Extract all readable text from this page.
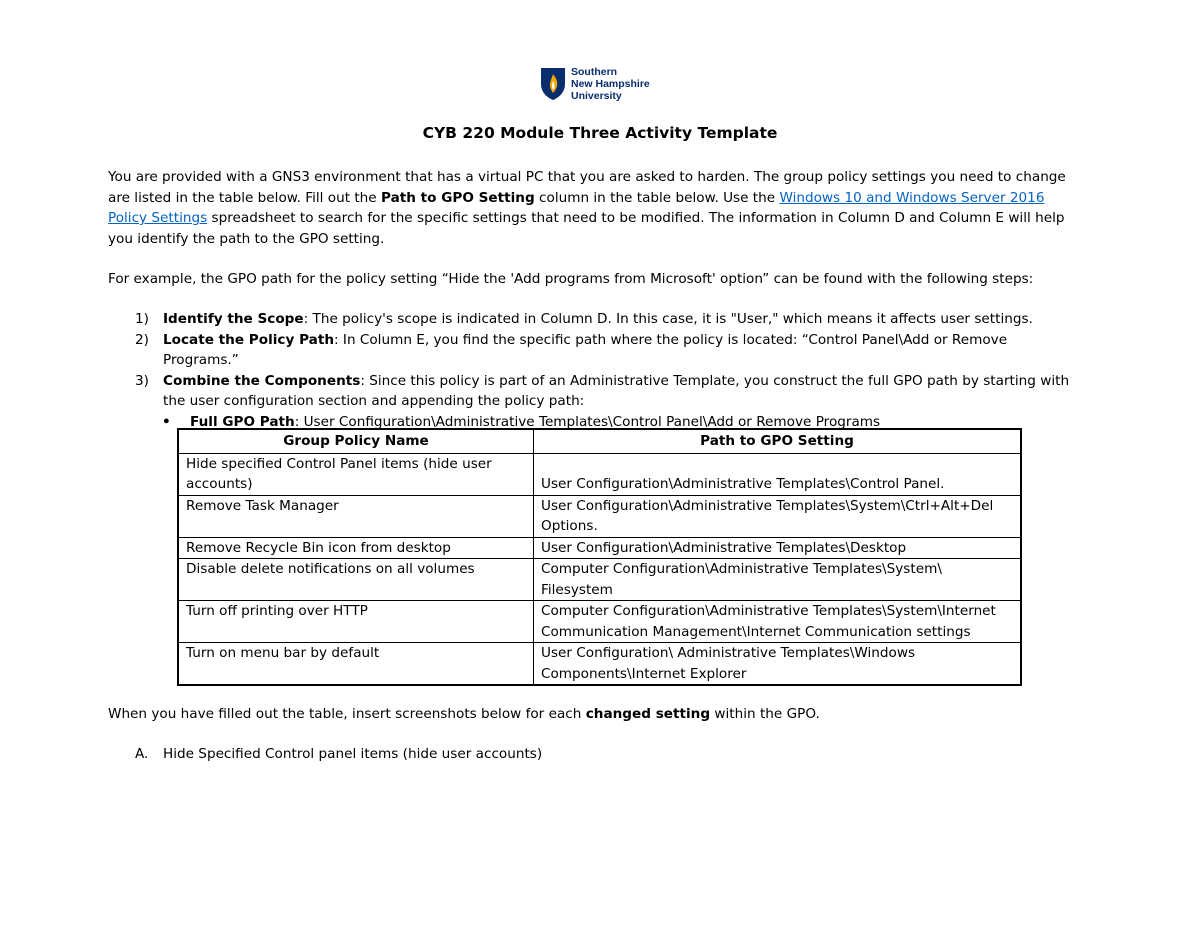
Southern
New Hampshire
University
CYB 220 Module Three Activity Template
You are provided with a GNS3 environment that has a virtual PC that you are asked to harden. The group policy settings you need to change are listed in the table below. Fill out the Path to GPO Setting column in the table below. Use the Windows 10 and Windows Server 2016 Policy Settings spreadsheet to search for the specific settings that need to be modified. The information in Column D and Column E will help you identify the path to the GPO setting.
For example, the GPO path for the policy setting “Hide the 'Add programs from Microsoft' option” can be found with the following steps:
1) Identify the Scope: The policy's scope is indicated in Column D. In this case, it is "User," which means it affects user settings.
2) Locate the Policy Path: In Column E, you find the specific path where the policy is located: “Control Panel\Add or Remove Programs.”
3) Combine the Components: Since this policy is part of an Administrative Template, you construct the full GPO path by starting with the user configuration section and appending the policy path:
• Full GPO Path: User Configuration\Administrative Templates\Control Panel\Add or Remove Programs
Group Policy Name	Path to GPO Setting
Hide specified Control Panel items (hide user accounts)	User Configuration\Administrative Templates\Control Panel.
Remove Task Manager	User Configuration\Administrative Templates\System\Ctrl+Alt+Del Options.
Remove Recycle Bin icon from desktop	User Configuration\Administrative Templates\Desktop
Disable delete notifications on all volumes	Computer Configuration\Administrative Templates\System\ Filesystem
Turn off printing over HTTP	Computer Configuration\Administrative Templates\System\Internet Communication Management\Internet Communication settings
Turn on menu bar by default	User Configuration\ Administrative Templates\Windows Components\Internet Explorer
When you have filled out the table, insert screenshots below for each changed setting within the GPO.
A. Hide Specified Control panel items (hide user accounts)
